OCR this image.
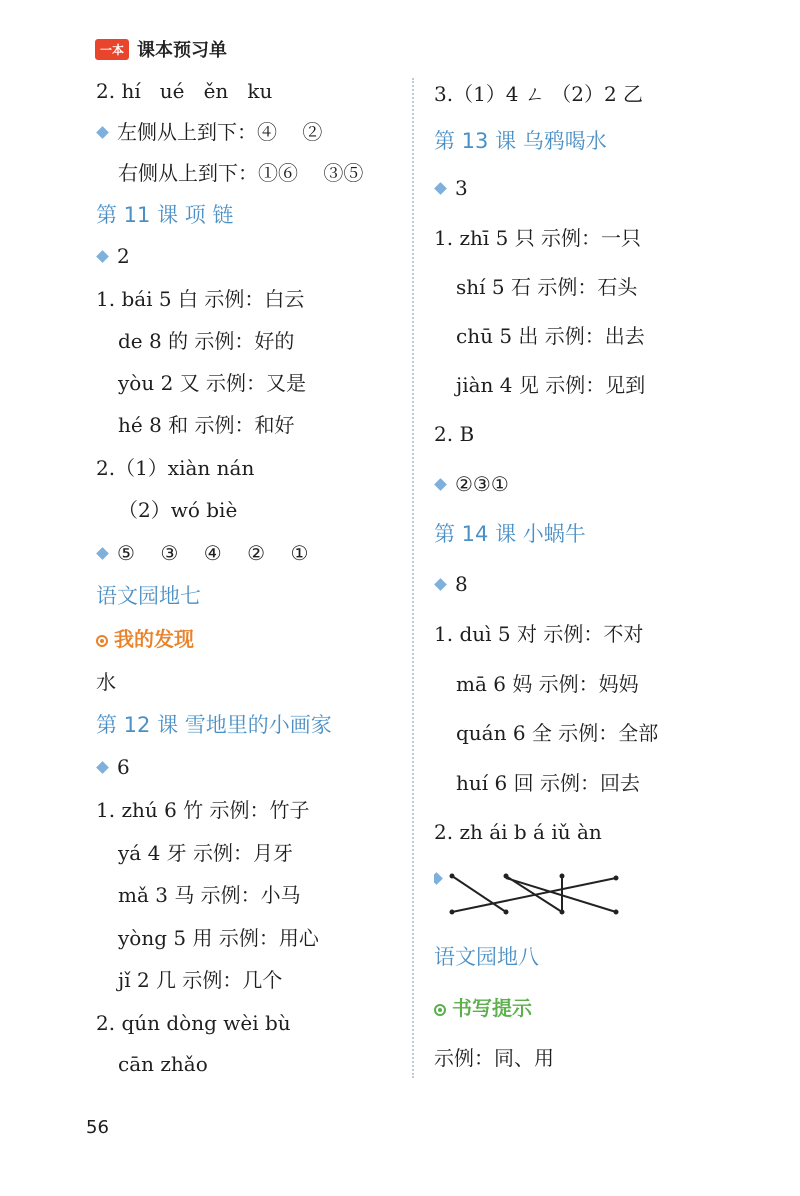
一本 课本预习单
2. hí   ué   ěn   ku
左侧从上到下：④    ②
右侧从上到下：①⑥    ③⑤
第 11 课 项 链
2
1. bái 5 白 示例：白云
de 8 的 示例：好的
yòu 2 又 示例：又是
hé 8 和 示例：和好
2.（1）xiàn nán
（2）wó biè
⑤    ③    ④    ②    ①
语文园地七
我的发现
水
第 12 课 雪地里的小画家
6
1. zhú 6 竹 示例：竹子
yá 4 牙 示例：月牙
mǎ 3 马 示例：小马
yòng 5 用 示例：用心
jǐ 2 几 示例：几个
2. qún dòng wèi bù
cān zhǎo
3.（1）4 ㄥ （2）2 乙
第 13 课 乌鸦喝水
3
1. zhī 5 只 示例：一只
shí 5 石 示例：石头
chū 5 出 示例：出去
jiàn 4 见 示例：见到
2. B
②③①
第 14 课 小蜗牛
8
1. duì 5 对 示例：不对
mā 6 妈 示例：妈妈
quán 6 全 示例：全部
huí 6 回 示例：回去
2. zh ái b á iǔ àn
语文园地八
书写提示
示例：同、用
56
